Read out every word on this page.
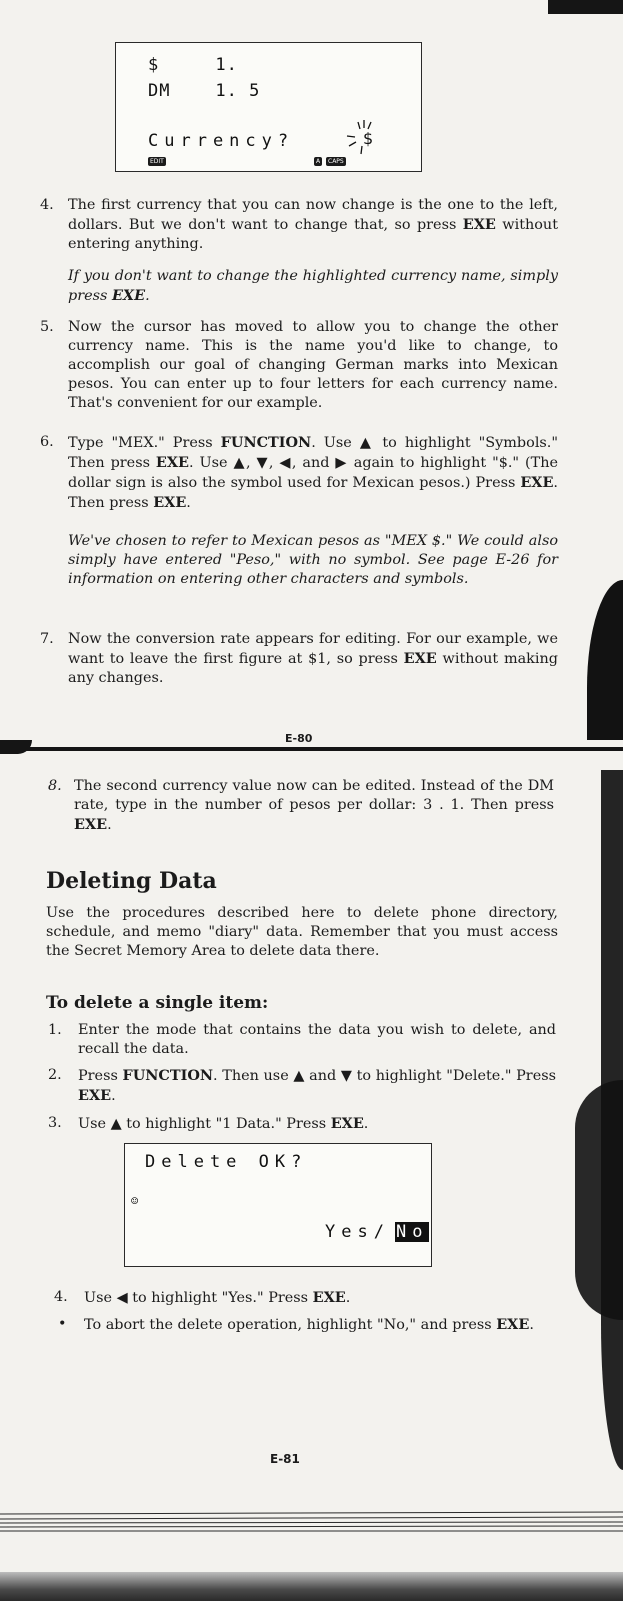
$     1.
DM    1. 5
Currency?	$
EDIT	A	CAPS
4. The first currency that you can now change is the one to the left, dollars. But we don't want to change that, so press EXE without entering anything.
If you don't want to change the highlighted currency name, simply press EXE.
5. Now the cursor has moved to allow you to change the other currency name. This is the name you'd like to change, to accomplish our goal of changing German marks into Mexican pesos. You can enter up to four letters for each currency name. That's convenient for our example.
6. Type "MEX." Press FUNCTION. Use ▲ to highlight "Symbols." Then press EXE. Use ▲, ▼, ◀, and ▶ again to highlight "$." (The dollar sign is also the symbol used for Mexican pesos.) Press EXE. Then press EXE.
We've chosen to refer to Mexican pesos as "MEX $." We could also simply have entered "Peso," with no symbol. See page E-26 for information on entering other characters and symbols.
7. Now the conversion rate appears for editing. For our example, we want to leave the first figure at $1, so press EXE without making any changes.
E-80
8. The second currency value now can be edited. Instead of the DM rate, type in the number of pesos per dollar: 3 . 1. Then press EXE.
Deleting Data
Use the procedures described here to delete phone directory, schedule, and memo "diary" data. Remember that you must access the Secret Memory Area to delete data there.
To delete a single item:
1. Enter the mode that contains the data you wish to delete, and recall the data.
2. Press FUNCTION. Then use ▲ and ▼ to highlight "Delete." Press EXE.
3. Use ▲ to highlight "1 Data." Press EXE.
Delete OK?
☺
Yes/ No
4. Use ◀ to highlight "Yes." Press EXE.
• To abort the delete operation, highlight "No," and press EXE.
E-81
